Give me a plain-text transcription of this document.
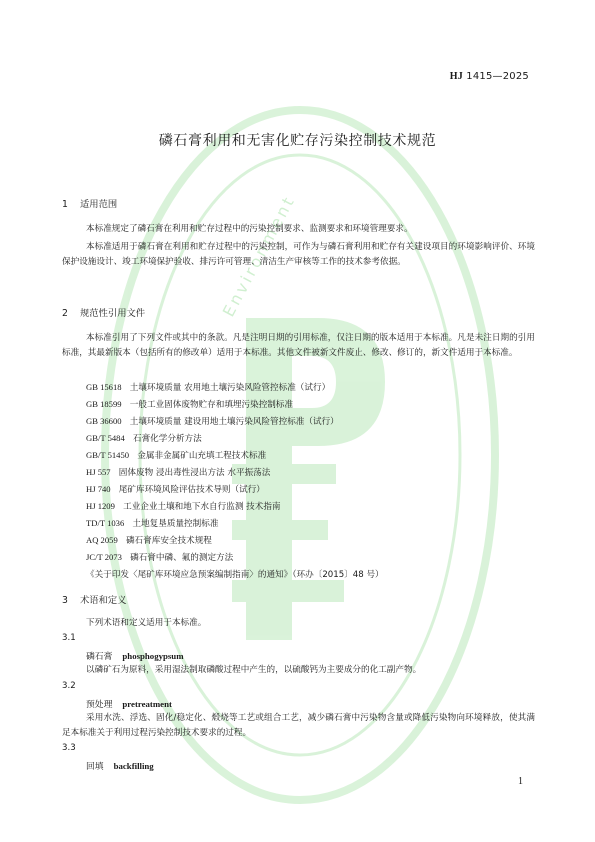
Environment
HJ 1415—2025
磷石膏利用和无害化贮存污染控制技术规范
1 适用范围
本标准规定了磷石膏在利用和贮存过程中的污染控制要求、监测要求和环境管理要求。
本标准适用于磷石膏在利用和贮存过程中的污染控制，可作为与磷石膏利用和贮存有关建设项目的环境影响评价、环境保护设施设计、竣工环境保护验收、排污许可管理、清洁生产审核等工作的技术参考依据。
2 规范性引用文件
本标准引用了下列文件或其中的条款。凡是注明日期的引用标准，仅注日期的版本适用于本标准。凡是未注日期的引用标准，其最新版本（包括所有的修改单）适用于本标准。其他文件被新文件废止、修改、修订的，新文件适用于本标准。
GB 15618 土壤环境质量 农用地土壤污染风险管控标准（试行）
GB 18599 一般工业固体废物贮存和填埋污染控制标准
GB 36600 土壤环境质量 建设用地土壤污染风险管控标准（试行）
GB/T 5484 石膏化学分析方法
GB/T 51450 金属非金属矿山充填工程技术标准
HJ 557 固体废物 浸出毒性浸出方法 水平振荡法
HJ 740 尾矿库环境风险评估技术导则（试行）
HJ 1209 工业企业土壤和地下水自行监测 技术指南
TD/T 1036 土地复垦质量控制标准
AQ 2059 磷石膏库安全技术规程
JC/T 2073 磷石膏中磷、氟的测定方法
《关于印发〈尾矿库环境应急预案编制指南〉的通知》（环办〔2015〕48 号）
3 术语和定义
下列术语和定义适用于本标准。
3.1
磷石膏 phosphogypsum
以磷矿石为原料，采用湿法制取磷酸过程中产生的，以硫酸钙为主要成分的化工副产物。
3.2
预处理 pretreatment
采用水洗、浮选、固化/稳定化、煅烧等工艺或组合工艺，减少磷石膏中污染物含量或降低污染物向环境释放，使其满足本标准关于利用过程污染控制技术要求的过程。
3.3
回填 backfilling
1
